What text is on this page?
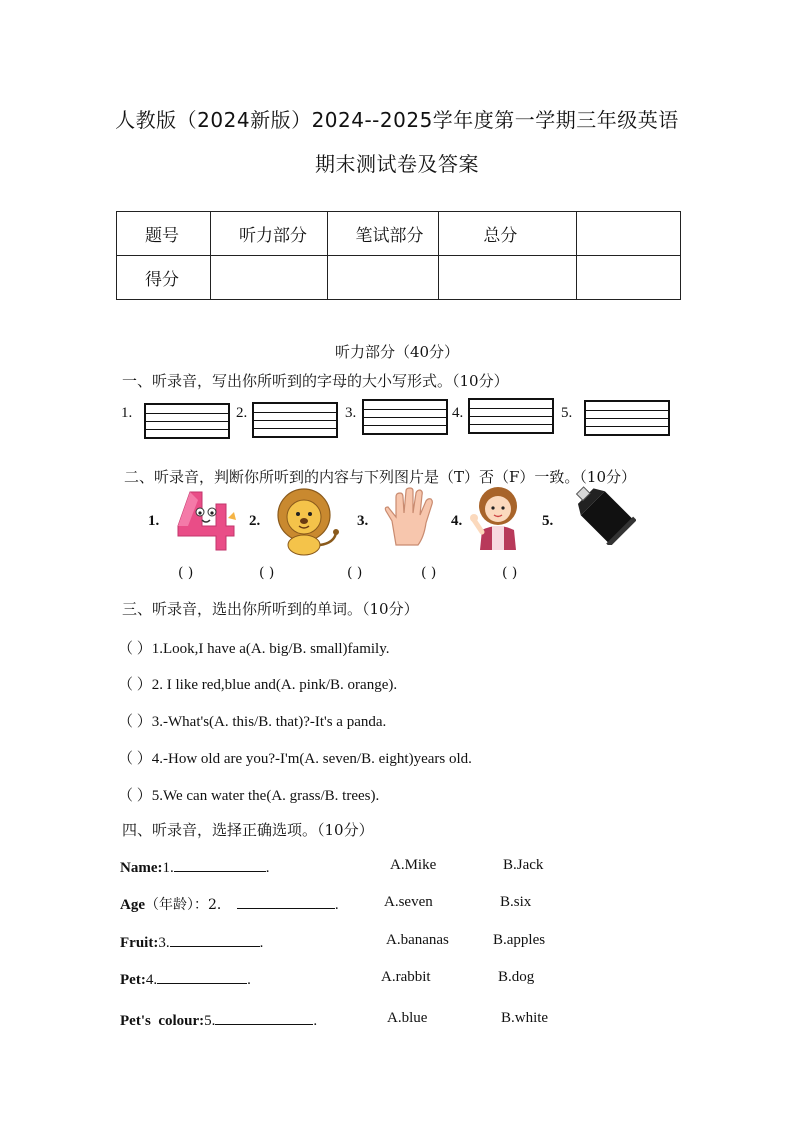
人教版（2024新版）2024--2025学年度第一学期三年级英语
期末测试卷及答案
题号	听力部分	笔试部分	总分	
得分				
听力部分（40分）
一、听录音，写出你所听到的字母的大小写形式。（10分）
1.	2.	3.	4.	5.
二、听录音，判断你所听到的内容与下列图片是（T）否（F）一致。（10分）
1.	2.	3.	4.	5.
( )	( )	( )	( )	( )
三、听录音，选出你所听到的单词。（10分）
（ ）1.Look,I have a(A. big/B. small)family.
（ ）2. I like red,blue and(A. pink/B. orange).
（ ）3.-What's(A. this/B. that)?-It's a panda.
（ ）4.-How old are you?-I'm(A. seven/B. eight)years old.
（ ）5.We can water the(A. grass/B. trees).
四、听录音，选择正确选项。（10分）
Name:1.	.	A.Mike	B.Jack
Age（年龄）：2．	.	A.seven	B.six
Fruit:3.	.	A.bananas	B.apples
Pet:4.	.	A.rabbit	B.dog
Pet's  colour:5.	.	A.blue	B.white
